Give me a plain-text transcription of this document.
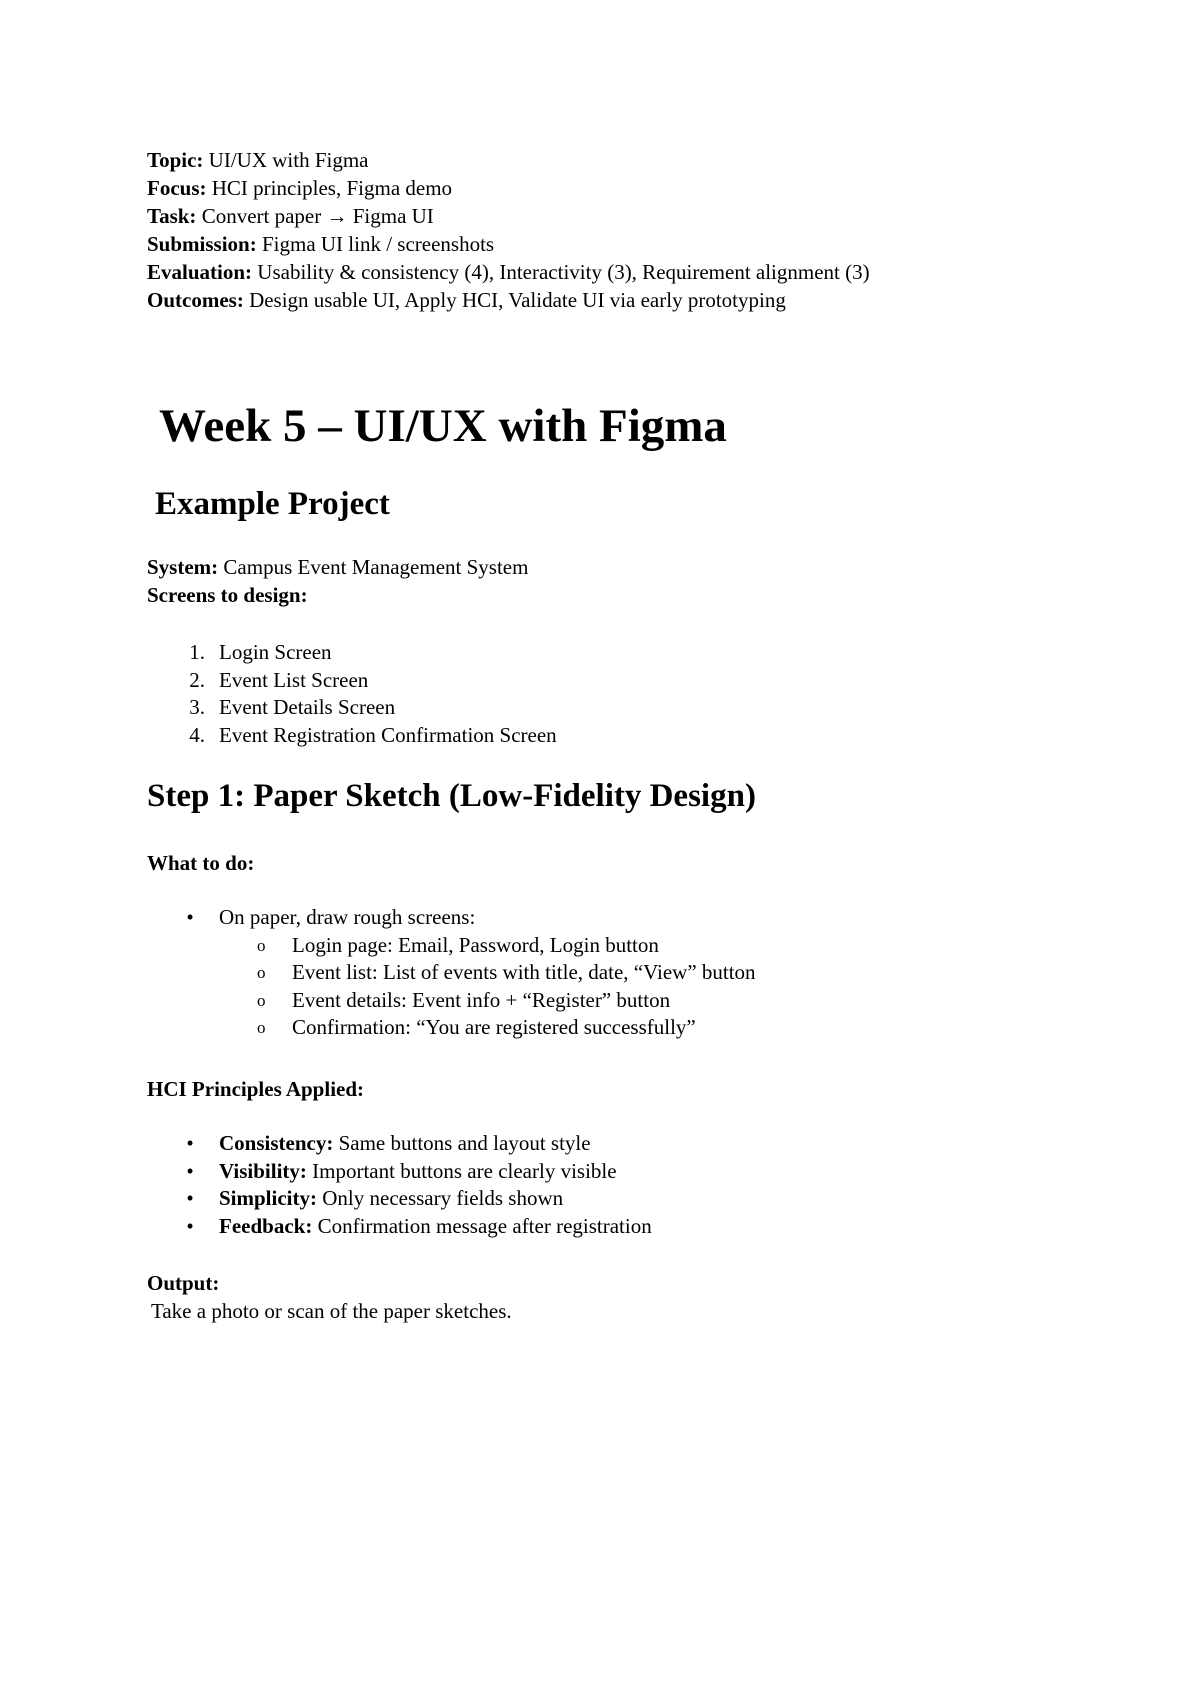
Topic: UI/UX with Figma
Focus: HCI principles, Figma demo
Task: Convert paper → Figma UI
Submission: Figma UI link / screenshots
Evaluation: Usability & consistency (4), Interactivity (3), Requirement alignment (3)
Outcomes: Design usable UI, Apply HCI, Validate UI via early prototyping
Week 5 – UI/UX with Figma
Example Project
System: Campus Event Management System
Screens to design:
1. Login Screen
2. Event List Screen
3. Event Details Screen
4. Event Registration Confirmation Screen
Step 1: Paper Sketch (Low-Fidelity Design)
What to do:
• On paper, draw rough screens:
o Login page: Email, Password, Login button
o Event list: List of events with title, date, “View” button
o Event details: Event info + “Register” button
o Confirmation: “You are registered successfully”
HCI Principles Applied:
• Consistency: Same buttons and layout style
• Visibility: Important buttons are clearly visible
• Simplicity: Only necessary fields shown
• Feedback: Confirmation message after registration
Output:
Take a photo or scan of the paper sketches.
